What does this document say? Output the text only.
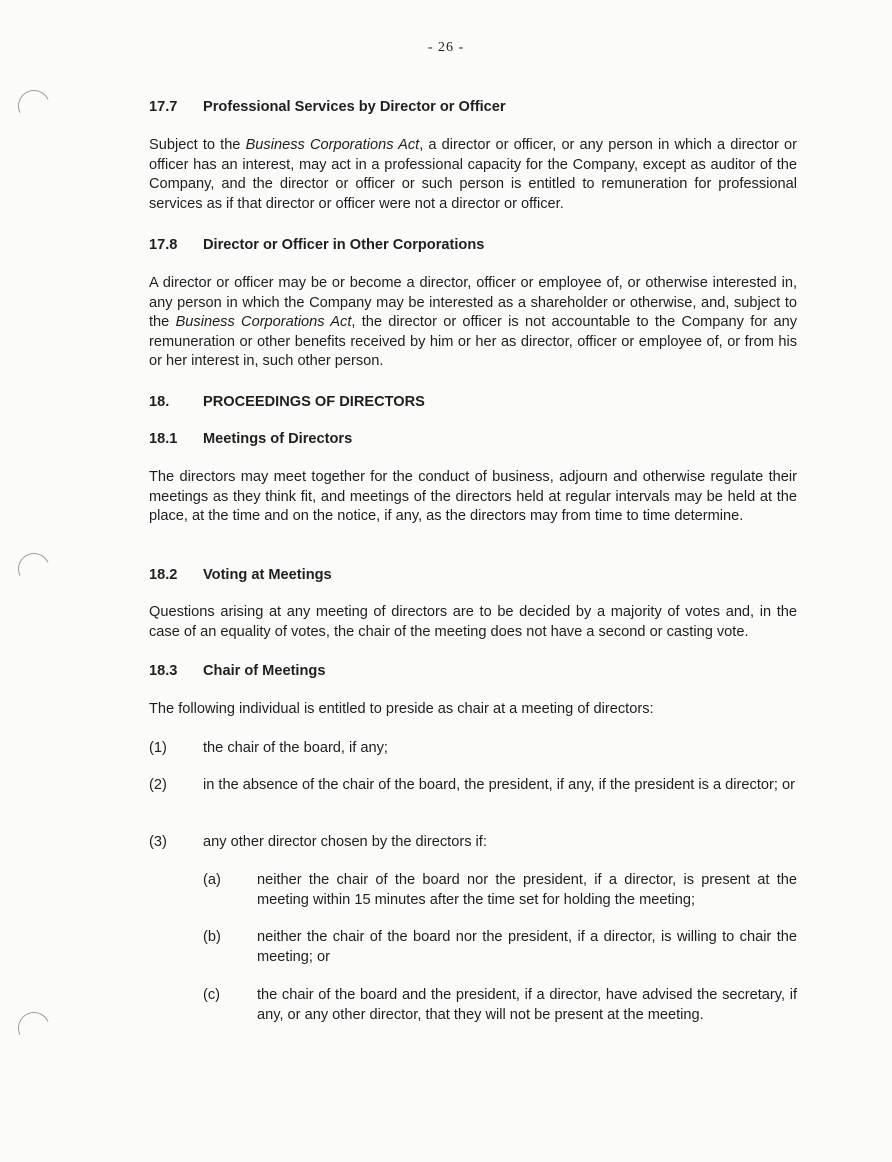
- 26 -
17.7 Professional Services by Director or Officer

Subject to the Business Corporations Act, a director or officer, or any person in which a director or officer has an interest, may act in a professional capacity for the Company, except as auditor of the Company, and the director or officer or such person is entitled to remuneration for professional services as if that director or officer were not a director or officer.

17.8 Director or Officer in Other Corporations

A director or officer may be or become a director, officer or employee of, or otherwise interested in, any person in which the Company may be interested as a shareholder or otherwise, and, subject to the Business Corporations Act, the director or officer is not accountable to the Company for any remuneration or other benefits received by him or her as director, officer or employee of, or from his or her interest in, such other person.

18. PROCEEDINGS OF DIRECTORS
18.1 Meetings of Directors

The directors may meet together for the conduct of business, adjourn and otherwise regulate their meetings as they think fit, and meetings of the directors held at regular intervals may be held at the place, at the time and on the notice, if any, as the directors may from time to time determine.

18.2 Voting at Meetings

Questions arising at any meeting of directors are to be decided by a majority of votes and, in the case of an equality of votes, the chair of the meeting does not have a second or casting vote.

18.3 Chair of Meetings

The following individual is entitled to preside as chair at a meeting of directors:

(1) the chair of the board, if any;
(2) in the absence of the chair of the board, the president, if any, if the president is a director; or
(3) any other director chosen by the directors if:
(a) neither the chair of the board nor the president, if a director, is present at the meeting within 15 minutes after the time set for holding the meeting;
(b) neither the chair of the board nor the president, if a director, is willing to chair the meeting; or
(c)	the chair of the board and the president, if a director, have advised the secretary, if any, or any other director, that they will not be present at the meeting.
